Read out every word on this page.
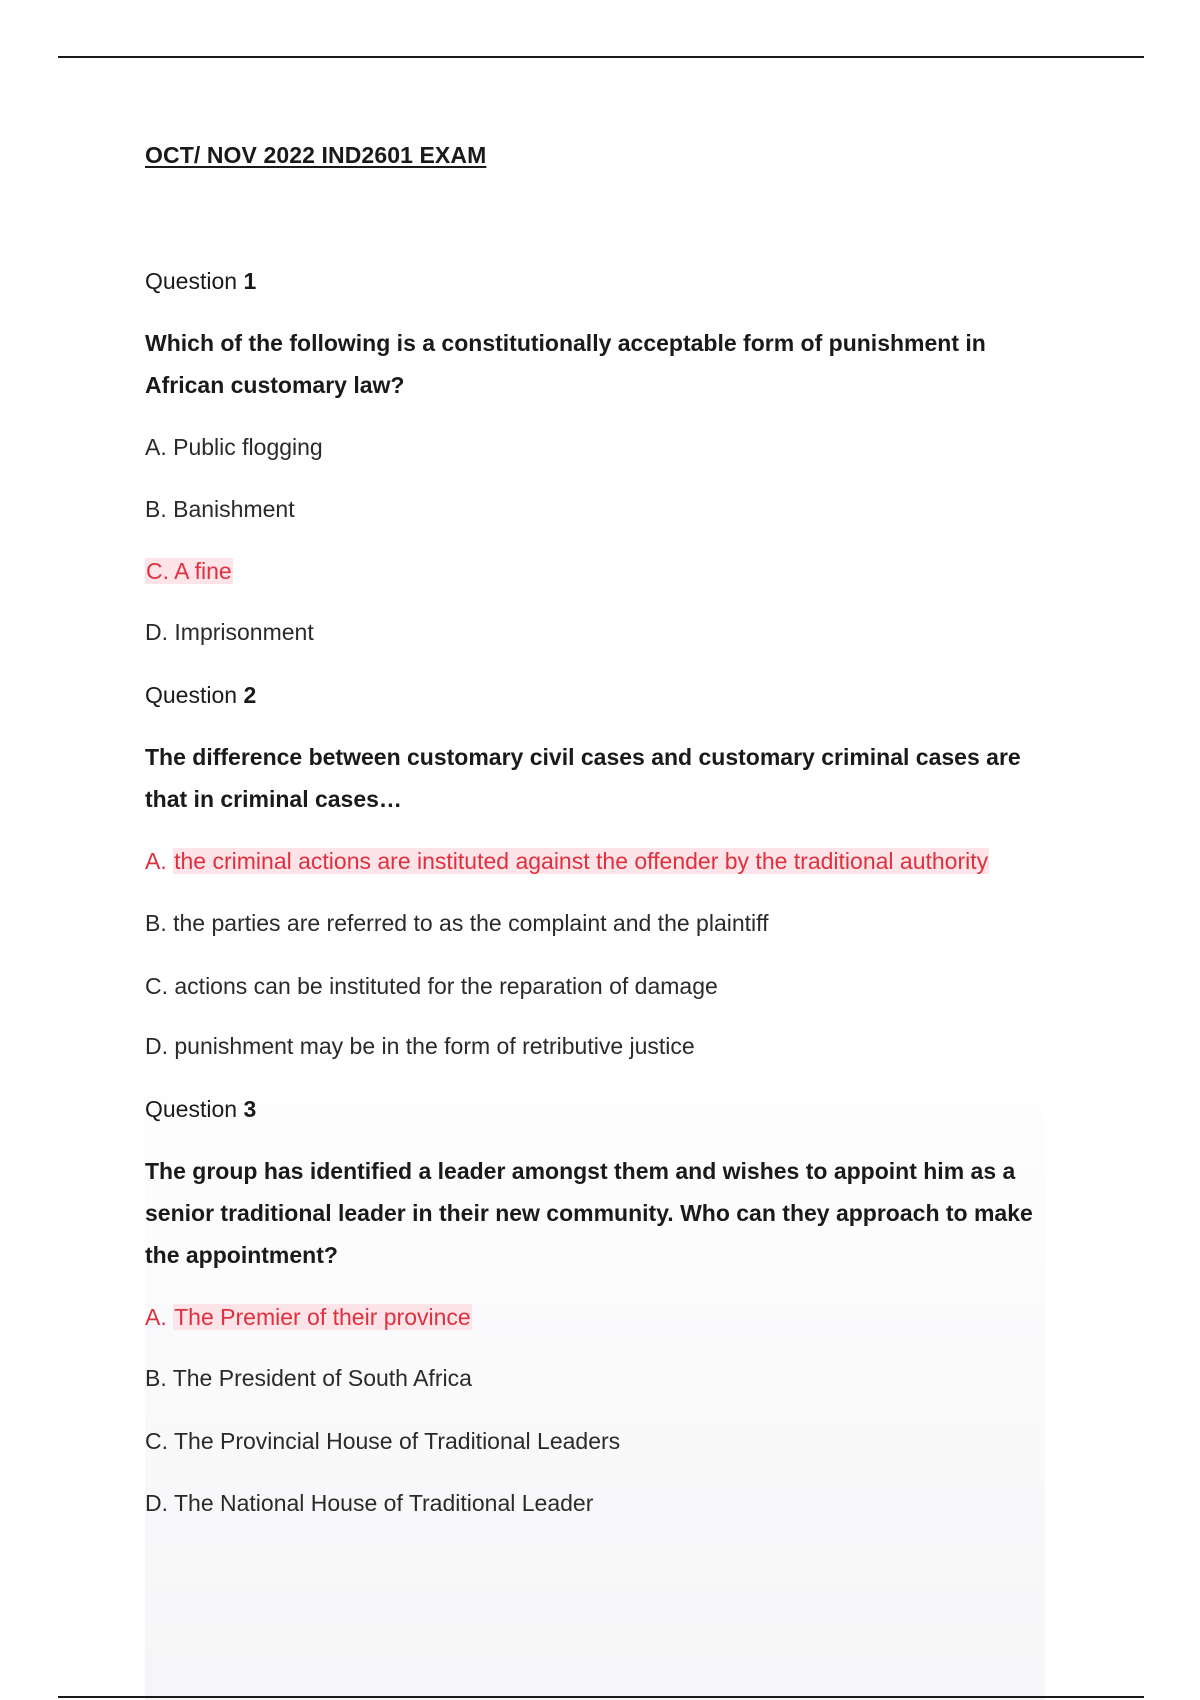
OCT/ NOV 2022 IND2601 EXAM
Question 1
Which of the following is a constitutionally acceptable form of punishment in African customary law?
A. Public flogging
B. Banishment
C. A fine
D. Imprisonment
Question 2
The difference between customary civil cases and customary criminal cases are that in criminal cases…
A. the criminal actions are instituted against the offender by the traditional authority
B. the parties are referred to as the complaint and the plaintiff
C. actions can be instituted for the reparation of damage
D. punishment may be in the form of retributive justice
Question 3
The group has identified a leader amongst them and wishes to appoint him as a senior traditional leader in their new community. Who can they approach to make the appointment?
A. The Premier of their province
B. The President of South Africa
C. The Provincial House of Traditional Leaders
D. The National House of Traditional Leader
